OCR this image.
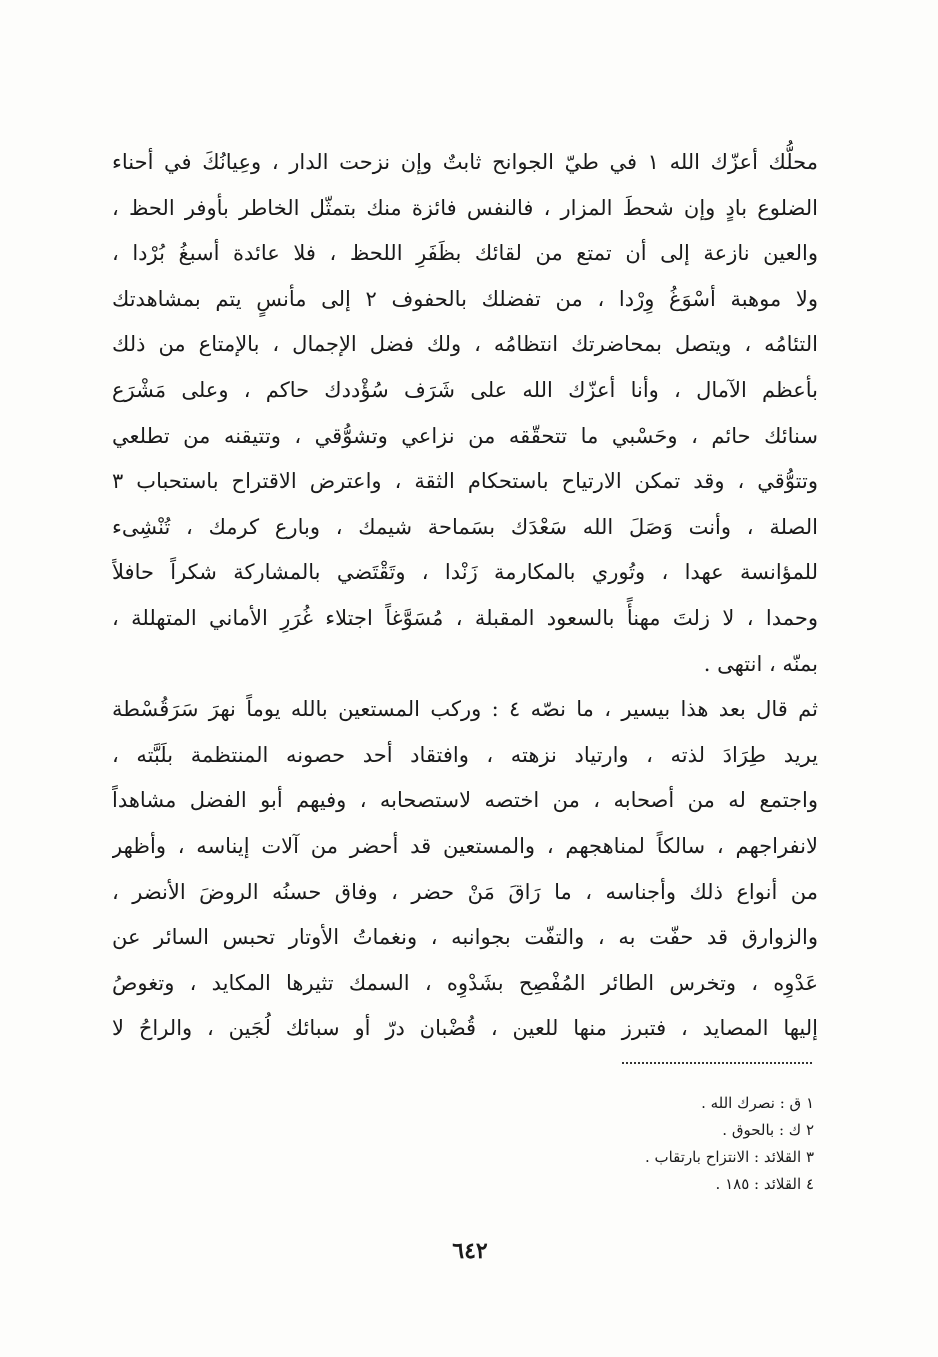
محلُّك أعزّك الله ١ في طيّ الجوانح ثابتٌ وإن نزحت الدار ، وعِيانُكَ في أحناء
الضلوع بادٍ وإن شحطَ المزار ، فالنفس فائزة منك بتمثّل الخاطر بأوفر الحظ ،
والعين نازعة إلى أن تمتع من لقائك بظَفَرِ اللحظ ، فلا عائدة أسبغُ بُرْدا ،
ولا موهبة أسْوَغُ وِرْدا ، من تفضلك بالحفوف ٢ إلى مأنسٍ يتم بمشاهدتك
التئامُه ، ويتصل بمحاضرتك انتظامُه ، ولك فضل الإجمال ، بالإمتاع من ذلك
بأعظم الآمال ، وأنا أعزّك الله على شَرَف سُؤْددك حاكم ، وعلى مَشْرَع
سنائك حائم ، وحَسْبي ما تتحقّقه من نزاعي وتشوُّقي ، وتتيقنه من تطلعي
وتتوُّقي ، وقد تمكن الارتياح باستحكام الثقة ، واعترض الاقتراح باستحباب ٣
الصلة ، وأنت وَصَلَ الله سَعْدَك بسَماحة شيمك ، وبارع كرمك ، تُنْشِىء
للمؤانسة عهدا ، وتُوري بالمكارمة زَنْدا ، وتَقْتَضي بالمشاركة شكراً حافلاً
وحمدا ، لا زلتَ مهنأً بالسعود المقبلة ، مُسَوَّغاً اجتلاء غُرَرِ الأماني المتهللة ،
بمنّه ، انتهى .
ثم قال بعد هذا بيسير ، ما نصّه ٤ : وركب المستعين بالله يوماً نهرَ سَرَقُسْطة
يريد طِرَادَ لذته ، وارتياد نزهته ، وافتقاد أحد حصونه المنتظمة بلَبَّته ،
واجتمع له من أصحابه ، من اختصه لاستصحابه ، وفيهم أبو الفضل مشاهداً
لانفراجهم ، سالكاً لمناهجهم ، والمستعين قد أحضر من آلات إيناسه ، وأظهر
من أنواع ذلك وأجناسه ، ما رَاقَ مَنْ حضر ، وفاق حسنُه الروضَ الأنضر ،
والزوارق قد حفّت به ، والتفّت بجوانبه ، ونغماتُ الأوتار تحبس السائر عن
عَدْوِه ، وتخرس الطائر المُفْصِح بشَدْوِه ، السمك تثيرها المكايد ، وتغوصُ
إليها المصايد ، فتبرز منها للعين ، قُضْبان درّ أو سبائك لُجَين ، والراحُ لا
١ ق : نصرك الله .
٢ ك : بالحوق .
٣ القلائد : الانتزاح بارتقاب .
٤ القلائد : ١٨٥ .
٦٤٢
